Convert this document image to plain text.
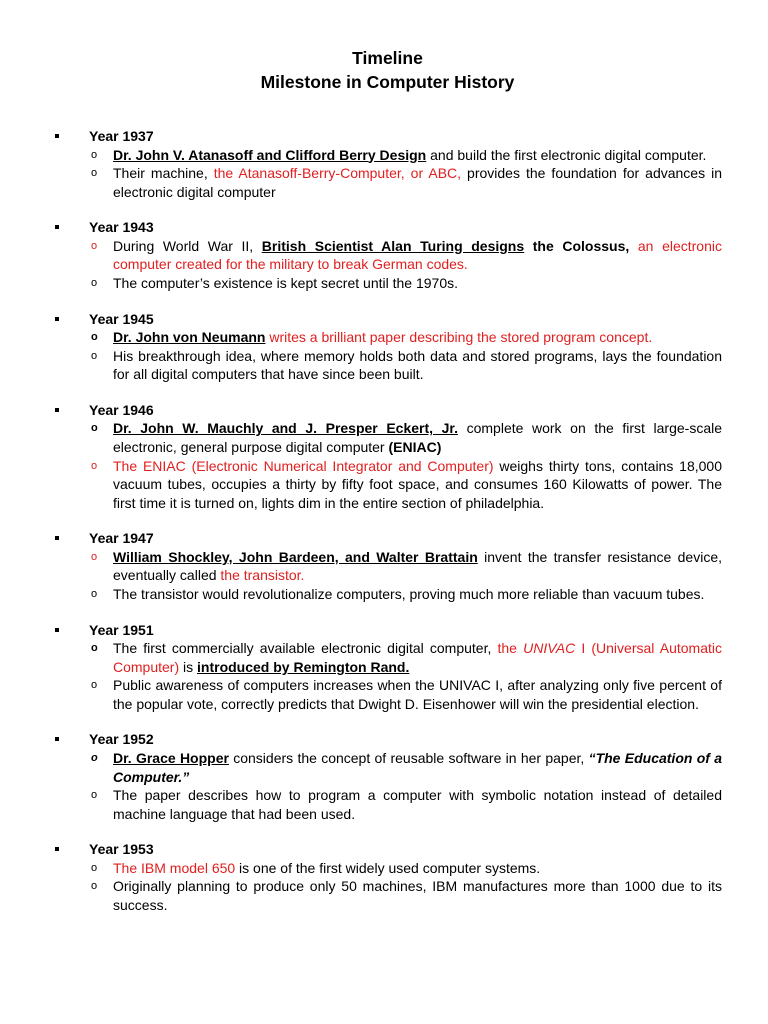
Timeline
Milestone in Computer History
Year 1937
o Dr. John V. Atanasoff and Clifford Berry Design and build the first electronic digital computer.
o Their machine, the Atanasoff-Berry-Computer, or ABC, provides the foundation for advances in electronic digital computer
Year 1943
o During World War II, British Scientist Alan Turing designs the Colossus, an electronic computer created for the military to break German codes.
o The computer’s existence is kept secret until the 1970s.
Year 1945
o Dr. John von Neumann writes a brilliant paper describing the stored program concept.
o His breakthrough idea, where memory holds both data and stored programs, lays the foundation for all digital computers that have since been built.
Year 1946
o Dr. John W. Mauchly and J. Presper Eckert, Jr. complete work on the first large-scale electronic, general purpose digital computer (ENIAC)
o The ENIAC (Electronic Numerical Integrator and Computer) weighs thirty tons, contains 18,000 vacuum tubes, occupies a thirty by fifty foot space, and consumes 160 Kilowatts of power. The first time it is turned on, lights dim in the entire section of philadelphia.
Year 1947
o William Shockley, John Bardeen, and Walter Brattain invent the transfer resistance device, eventually called the transistor.
o The transistor would revolutionalize computers, proving much more reliable than vacuum tubes.
Year 1951
o The first commercially available electronic digital computer, the UNIVAC I (Universal Automatic Computer) is introduced by Remington Rand.
o Public awareness of computers increases when the UNIVAC I, after analyzing only five percent of the popular vote, correctly predicts that Dwight D. Eisenhower will win the presidential election.
Year 1952
o Dr. Grace Hopper considers the concept of reusable software in her paper, “The Education of a Computer.”
o The paper describes how to program a computer with symbolic notation instead of detailed machine language that had been used.
Year 1953
o The IBM model 650 is one of the first widely used computer systems.
o Originally planning to produce only 50 machines, IBM manufactures more than 1000 due to its success.
